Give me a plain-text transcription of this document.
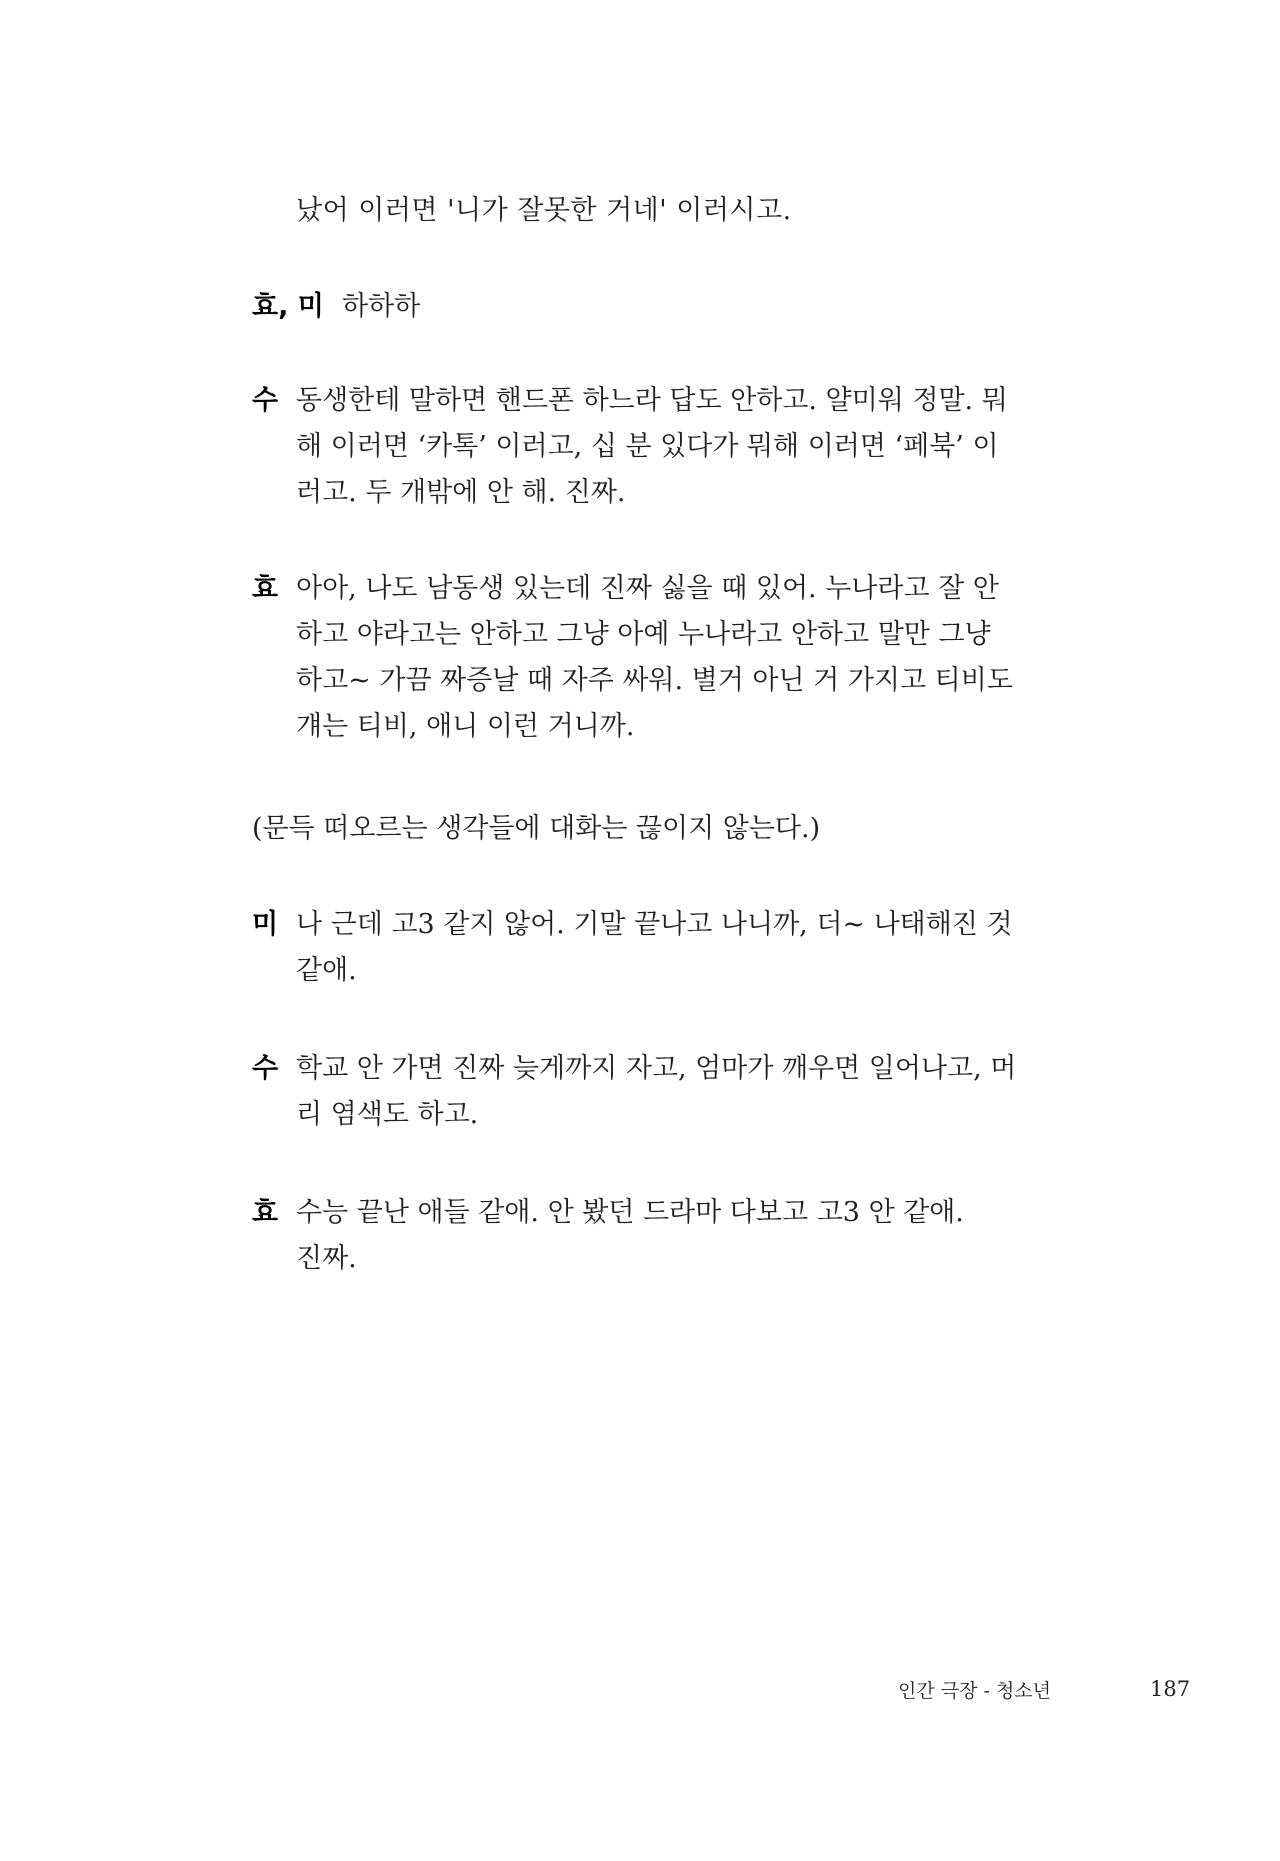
났어 이러면 '니가 잘못한 거네' 이러시고.
효, 미 하하하
수 동생한테 말하면 핸드폰 하느라 답도 안하고. 얄미워 정말. 뭐
해 이러면 ‘카톡’ 이러고, 십 분 있다가 뭐해 이러면 ‘페북’ 이
러고. 두 개밖에 안 해. 진짜.
효 아아, 나도 남동생 있는데 진짜 싫을 때 있어. 누나라고 잘 안
하고 야라고는 안하고 그냥 아예 누나라고 안하고 말만 그냥
하고~ 가끔 짜증날 때 자주 싸워. 별거 아닌 거 가지고 티비도
걔는 티비, 애니 이런 거니까.
(문득 떠오르는 생각들에 대화는 끊이지 않는다.)
미 나 근데 고3 같지 않어. 기말 끝나고 나니까, 더~ 나태해진 것
같애.
수 학교 안 가면 진짜 늦게까지 자고, 엄마가 깨우면 일어나고, 머
리 염색도 하고.
효 수능 끝난 애들 같애. 안 봤던 드라마 다보고 고3 안 같애.
진짜.
인간 극장 - 청소년	187
